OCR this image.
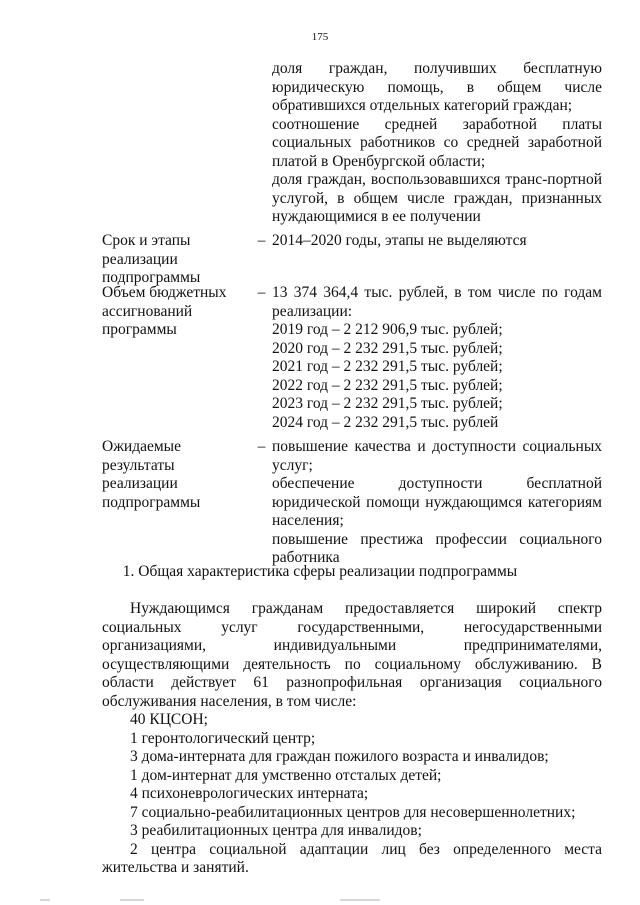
175

доля граждан, получивших бесплатную юридическую помощь, в общем числе обратившихся отдельных категорий граждан;

соотношение средней заработной платы социальных работников со средней заработной платой в Оренбургской области;

доля граждан, воспользовавшихся транс-портной услугой, в общем числе граждан, признанных нуждающимися в ее получении

Срок и этапы реализации подпрограммы
– 2014–2020 годы, этапы не выделяются

Объем бюджетных ассигнований программы
– 13 374 364,4 тыс. рублей, в том числе по годам реализации:

2019 год – 2 212 906,9 тыс. рублей;

2020 год – 2 232 291,5 тыс. рублей;

2021 год – 2 232 291,5 тыс. рублей;

2022 год – 2 232 291,5 тыс. рублей;

2023 год – 2 232 291,5 тыс. рублей;

2024 год – 2 232 291,5 тыс. рублей

Ожидаемые результаты реализации подпрограммы
– повышение качества и доступности социальных услуг;

обеспечение доступности бесплатной юридической помощи нуждающимся категориям населения;

повышение престижа профессии социального работника

1. Общая характеристика сферы реализации подпрограммы

Нуждающимся гражданам предоставляется широкий спектр социальных услуг государственными, негосударственными организациями, индивидуальными предпринимателями, осуществляющими деятельность по социальному обслуживанию. В области действует 61 разнопрофильная организация социального обслуживания населения, в том числе:

40 КЦСОН;

1 геронтологический центр;

3 дома-интерната для граждан пожилого возраста и инвалидов;

1 дом-интернат для умственно отсталых детей;

4 психоневрологических интерната;

7 социально-реабилитационных центров для несовершеннолетних;

3 реабилитационных центра для инвалидов;

2 центра социальной адаптации лиц без определенного места жительства и занятий.
